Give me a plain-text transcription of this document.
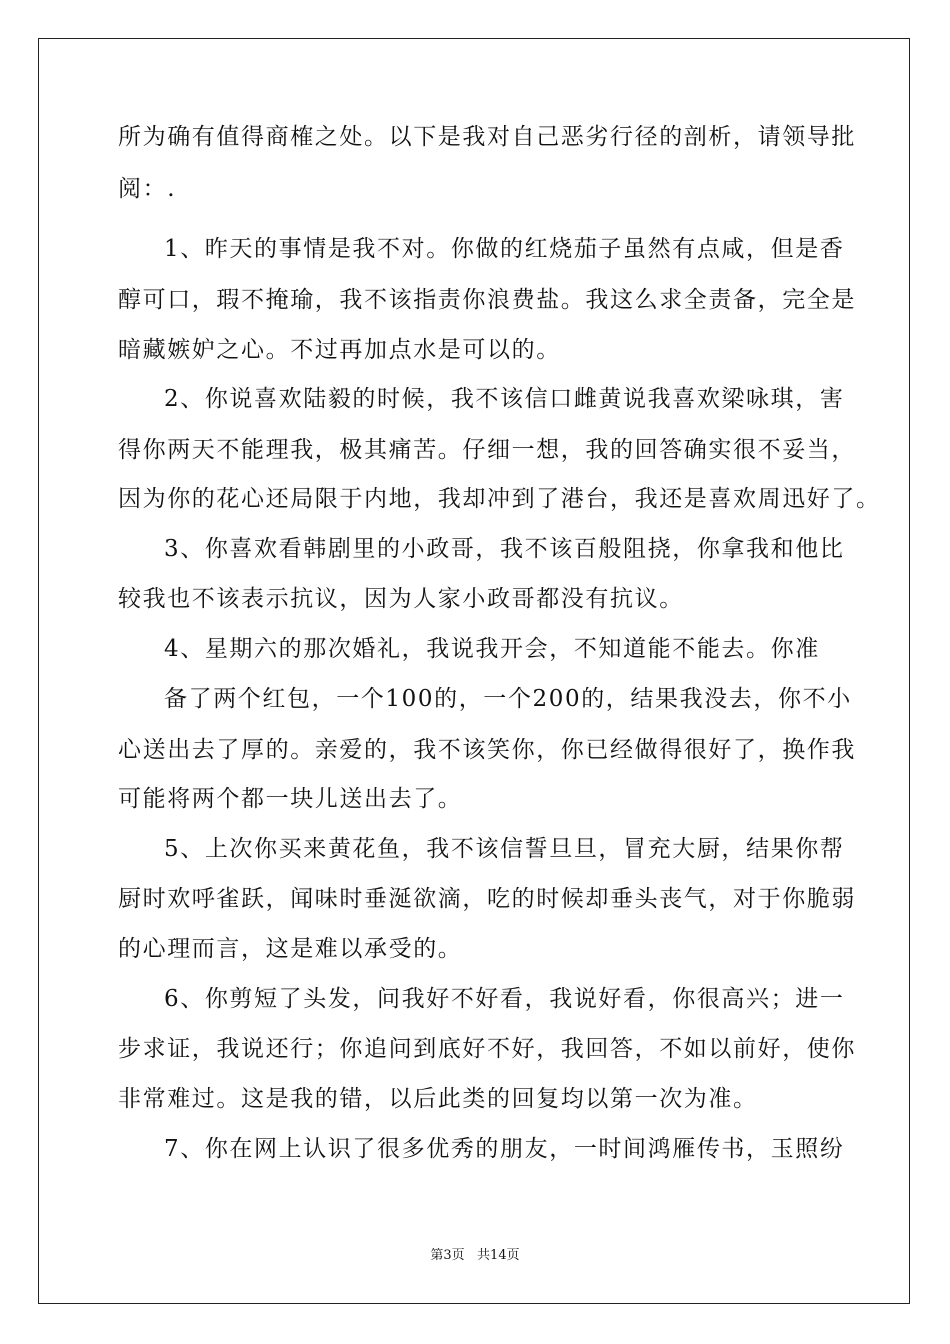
所为确有值得商榷之处。以下是我对自己恶劣行径的剖析，请领导批
阅：.
1、昨天的事情是我不对。你做的红烧茄子虽然有点咸，但是香
醇可口，瑕不掩瑜，我不该指责你浪费盐。我这么求全责备，完全是
暗藏嫉妒之心。不过再加点水是可以的。
2、你说喜欢陆毅的时候，我不该信口雌黄说我喜欢梁咏琪，害
得你两天不能理我，极其痛苦。仔细一想，我的回答确实很不妥当，
因为你的花心还局限于内地，我却冲到了港台，我还是喜欢周迅好了。
3、你喜欢看韩剧里的小政哥，我不该百般阻挠，你拿我和他比
较我也不该表示抗议，因为人家小政哥都没有抗议。
4、星期六的那次婚礼，我说我开会，不知道能不能去。你准
备了两个红包，一个100的，一个200的，结果我没去，你不小
心送出去了厚的。亲爱的，我不该笑你，你已经做得很好了，换作我
可能将两个都一块儿送出去了。
5、上次你买来黄花鱼，我不该信誓旦旦，冒充大厨，结果你帮
厨时欢呼雀跃，闻味时垂涎欲滴，吃的时候却垂头丧气，对于你脆弱
的心理而言，这是难以承受的。
6、你剪短了头发，问我好不好看，我说好看，你很高兴；进一
步求证，我说还行；你追问到底好不好，我回答，不如以前好，使你
非常难过。这是我的错，以后此类的回复均以第一次为准。
7、你在网上认识了很多优秀的朋友，一时间鸿雁传书，玉照纷
第3页   共14页
